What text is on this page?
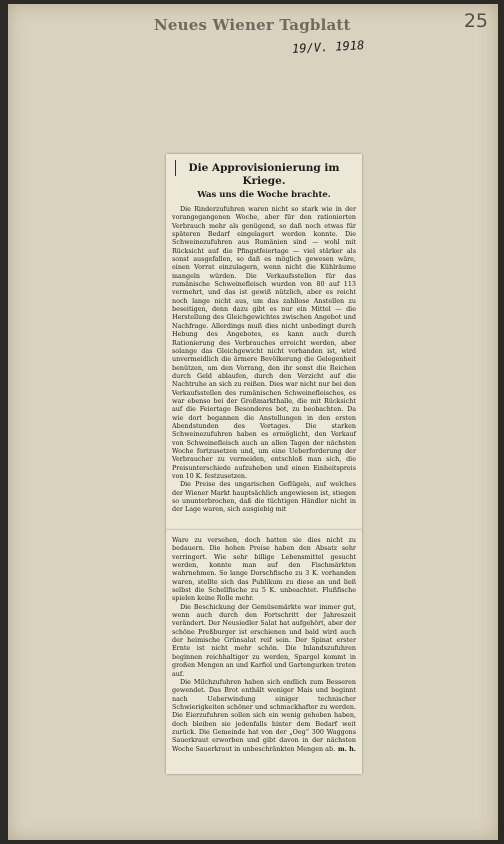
Neues Wiener Tagblatt
19/V. 1918
25
Die Approvisionierung im Kriege.
Was uns die Woche brachte.

Die Rinderzufuhren waren nicht so stark wie in der vorangegangenen Woche, aber für den rationierten Verbrauch mehr als genügend, so daß noch etwas für späteren Bedarf eingelagert werden konnte. Die Schweinezufuhren aus Rumänien sind — wohl mit Rücksicht auf die Pfingstfeiertage — viel stärker als sonst ausgefallen, so daß es möglich gewesen wäre, einen Vorrat einzulagern, wenn nicht die Kühlräume mangeln würden. Die Verkaufsstellen für das rumänische Schweinefleisch wurden von 80 auf 113 vermehrt, und das ist gewiß nützlich, aber es reicht noch lange nicht aus, um das zahllose Anstellen zu beseitigen, denn dazu gibt es nur ein Mittel — die Herstellung des Gleichgewichtes zwischen Angebot und Nachfrage. Allerdings muß dies nicht unbedingt durch Hebung des Angebotes, es kann auch durch Rationierung des Verbrauches erreicht werden, aber solange das Gleichgewicht nicht vorhanden ist, wird unvermeidlich die ärmere Bevölkerung die Gelegenheit benützen, um den Vorrang, den ihr sonst die Reichen durch Geld ablaufen, durch den Verzicht auf die Nachtruhe an sich zu reißen. Dies war nicht nur bei den Verkaufsstellen des rumänischen Schweinefleisches, es war ebenso bei der Großmarkthalle, die mit Rücksicht auf die Feiertage Besonderes bot, zu beobachten. Da wie dort begannen die Anstellungen in den ersten Abendstunden des Vortages. Die starken Schweinezufuhren haben es ermöglicht, den Verkauf von Schweinefleisch auch an allen Tagen der nächsten Woche fortzusetzen und, um eine Ueberforderung der Verbraucher zu vermeiden, entschloß man sich, die Preisunterschiede aufzuheben und einen Einheitspreis von 10 K. festzusetzen.

Die Preise des ungarischen Geflügels, auf welches der Wiener Markt hauptsächlich angewiesen ist, stiegen so ununterbrochen, daß die tüchtigen Händler nicht in der Lage waren, sich ausgiebig mit

Ware zu versehen, doch hatten sie dies nicht zu bedauern. Die hohen Preise haben den Absatz sehr verringert. Wie sehr billige Lebensmittel gesucht werden, konnte man auf den Fischmärkten wahrnehmen. So lange Dorschfische zu 3 K. vorhanden waren, stellte sich das Publikum zu diese an und ließ selbst die Schellfische zu 5 K. unbeachtet. Flußfische spielen keine Rolle mehr.

Die Beschickung der Gemüsemärkte war immer gut, wenn auch durch den Fortschritt der Jahreszeit verändert. Der Neusiedler Salat hat aufgehört, aber der schöne Preßburger ist erschienen und bald wird auch der heimische Grünsalat reif sein. Der Spinat erster Ernte ist nicht mehr schön. Die Inlandszufuhren beginnen reichhaltiger zu werden, Spargel kommt in großen Mengen an und Karfiol und Gartengurken treten auf.

Die Milchzufuhren haben sich endlich zum Besseren gewendet. Das Brot enthält weniger Mais und beginnt nach Ueberwindung einiger technischer Schwierigkeiten schöner und schmackhafter zu werden. Die Eierzufuhren sollen sich ein wenig gehoben haben, doch bleiben sie jedenfalls hinter dem Bedarf weit zurück. Die Gemeinde hat von der „Oeg“ 300 Waggons Sauerkraut erworben und gibt davon in der nächsten Woche Sauerkraut in unbeschränkten Mengen ab. m. h.
